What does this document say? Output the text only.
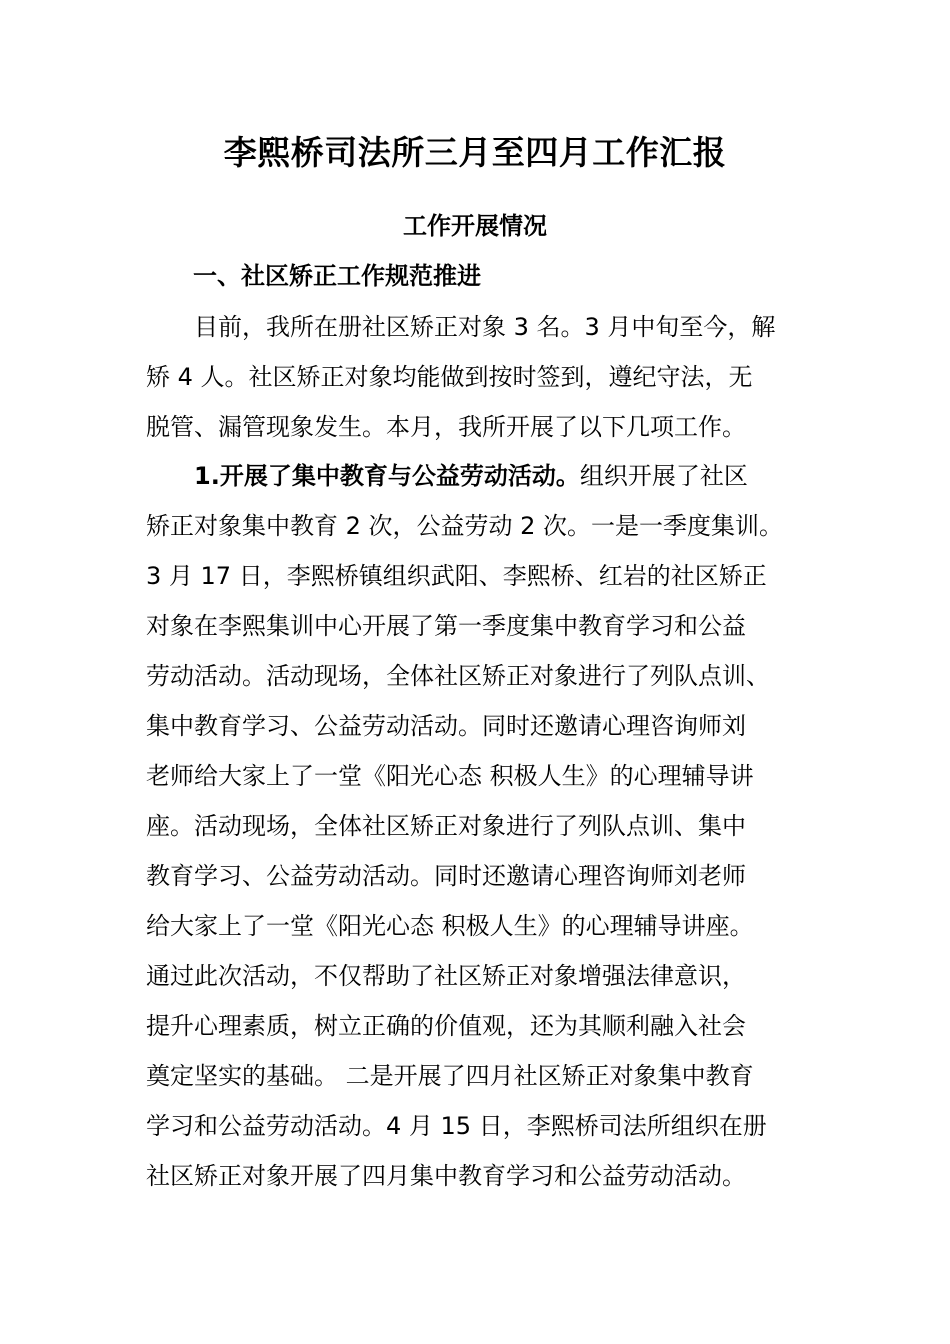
李熙桥司法所三月至四月工作汇报
工作开展情况
一、社区矫正工作规范推进
目前，我所在册社区矫正对象 3 名。3 月中旬至今，解
矫 4 人。社区矫正对象均能做到按时签到，遵纪守法，无
脱管、漏管现象发生。本月，我所开展了以下几项工作。
1.开展了集中教育与公益劳动活动。组织开展了社区
矫正对象集中教育 2 次，公益劳动 2 次。一是一季度集训。
3 月 17 日，李熙桥镇组织武阳、李熙桥、红岩的社区矫正
对象在李熙集训中心开展了第一季度集中教育学习和公益
劳动活动。活动现场，全体社区矫正对象进行了列队点训、
集中教育学习、公益劳动活动。同时还邀请心理咨询师刘
老师给大家上了一堂《阳光心态 积极人生》的心理辅导讲
座。活动现场，全体社区矫正对象进行了列队点训、集中
教育学习、公益劳动活动。同时还邀请心理咨询师刘老师
给大家上了一堂《阳光心态 积极人生》的心理辅导讲座。
通过此次活动，不仅帮助了社区矫正对象增强法律意识，
提升心理素质，树立正确的价值观，还为其顺利融入社会
奠定坚实的基础。 二是开展了四月社区矫正对象集中教育
学习和公益劳动活动。4 月 15 日，李熙桥司法所组织在册
社区矫正对象开展了四月集中教育学习和公益劳动活动。
